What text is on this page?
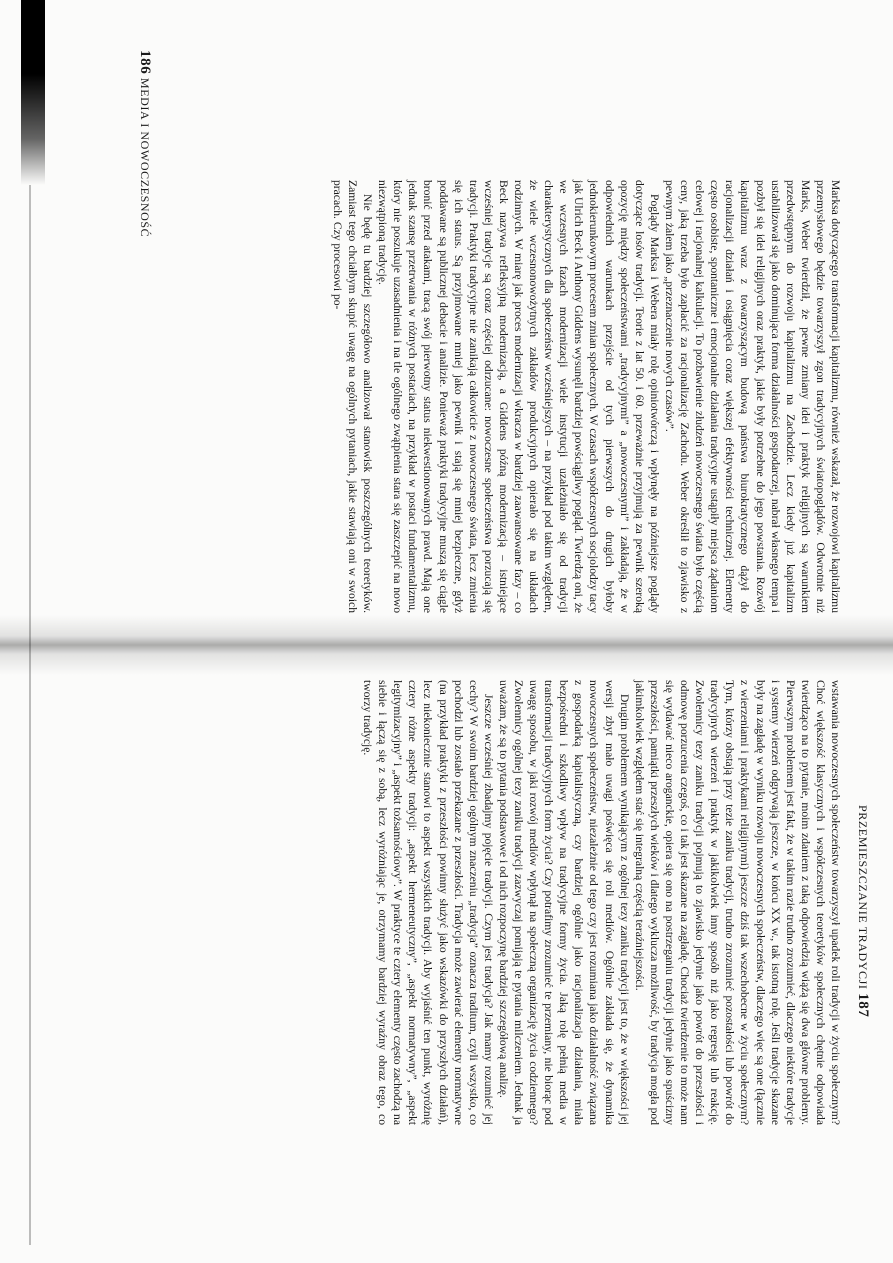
186 MEDIA I NOWOCZESNOŚĆ

Marksa dotyczącego transformacji kapitalizmu, również wskazał, że rozwojowi kapitalizmu przemysłowego będzie towarzyszył zgon tradycyjnych światopoglądów. Odwrotnie niż Marks, Weber twierdził, że pewne zmiany idei i praktyk religijnych są warunkiem przedwstępnym do rozwoju kapitalizmu na Zachodzie. Lecz kiedy już kapitalizm ustabilizował się jako dominująca forma działalności gospodarczej, nabrał własnego tempa i pozbył się idei religijnych oraz praktyk, jakie były potrzebne do jego powstania. Rozwój kapitalizmu wraz z towarzyszącym budową państwa biurokratycznego dążył do racjonalizacji działań i osiągnięcia coraz większej efektywności technicznej. Elementy często osobiste, spontaniczne i emocjonalne działania tradycyjne ustąpiły miejsca żądaniom celowej i racjonalnej kalkulacji. To pozbawienie złudzeń nowoczesnego świata było częścią ceny, jaką trzeba było zapłacić za racjonalizację Zachodu. Weber określił to zjawisko z pewnym żalem jako „przeznaczenie nowych czasów”.

Poglądy Marksa i Webera miały rolę opiniotwórczą i wpłynęły na późniejsze poglądy dotyczące losów tradycji. Teorie z lat 50. i 60. przeważnie przyjmują za pewnik szeroką opozycję między społeczeństwami „tradycyjnymi” a „nowoczesnymi” i zakładają, że w odpowiednich warunkach przejście od tych pierwszych do drugich byłoby jednokierunkowym procesem zmian społecznych. W czasach współczesnych socjolodzy tacy jak Ulrich Beck i Anthony Giddens wysunęli bardziej powściągliwy pogląd. Twierdzą oni, że we wczesnych fazach modernizacji wiele instytucji uzależniało się od tradycji charakterystycznych dla społeczeństw wcześniejszych – na przykład pod takim względem, że wiele wczesnonowożytnych zakładów produkcyjnych opierało się na układach rodzinnych. W miarę jak proces modernizacji wkracza w bardziej zaawansowane fazy – co Beck nazywa refleksyjną modernizacją, a Giddens późną modernizacją – istniejące wcześniej tradycje są coraz częściej odrzucane: nowoczesne społeczeństwa porzucają się tradycji. Praktyki tradycyjne nie zanikają całkowicie z nowoczesnego świata, lecz zmienia się ich status. Są przyjmowane mniej jako pewnik i stają się mniej bezpieczne, gdyż poddawane są publicznej debacie i analizie. Ponieważ praktyki tradycyjne muszą się ciągle bronić przed atakami, tracą swój pierwotny status niekwestionowanych prawd. Mają one jednak szansę przetrwania w różnych postaciach, na przykład w postaci fundamentalizmu, który nie poszukuje uzasadnienia i na tle ogólnego zwątpienia stara się zaszczepić na nowo niezwątpioną tradycję.

Nie będę tu bardziej szczegółowo analizował stanowisk poszczególnych teoretyków. Zamiast tego chciałbym skupić uwagę na ogólnych pytaniach, jakie stawiają oni w swoich pracach. Czy procesowi po-

PRZEMIESZCZANIE TRADYCJI 187

wstawania nowoczesnych społeczeństw towarzyszył upadek roli tradycji w życiu społecznym? Choć większość klasycznych i współczesnych teoretyków społecznych chętnie odpowiada twierdząco na to pytanie, moim zdaniem z taką odpowiedzią wiążą się dwa główne problemy. Pierwszym problemem jest fakt, że w takim razie trudno zrozumieć, dlaczego niektóre tradycje i systemy wierzeń odgrywają jeszcze, w końcu XX w., tak istotną rolę. Jeśli tradycje skazane były na zagładę w wyniku rozwoju nowoczesnych społeczeństw, dlaczego więc są one (łącznie z wierzeniami i praktykami religijnymi) jeszcze dziś tak wszechobecne w życiu społecznym? Tym, którzy obstają przy tezie zaniku tradycji, trudno zrozumieć pozostałości lub powrót do tradycyjnych wierzeń i praktyk w jakikolwiek inny sposób niż jako regresję lub reakcję. Zwolennicy tezy zaniku tradycji pojmują to zjawisko jedynie jako powrót do przeszłości i odmowę porzucenia czegoś, co i tak jest skazane na zagładę. Chociaż twierdzenie to może nam się wydawać nieco aroganckie, opiera się ono na postrzeganiu tradycji jedynie jako spuścizny przeszłości, pamiątki przeszłych wieków i dlatego wyklucza możliwość, by tradycja mogła pod jakimkolwiek względem stać się integralną częścią teraźniejszości.

Drugim problemem wynikającym z ogólnej tezy zaniku tradycji jest to, że w większości jej wersji zbyt mało uwagi poświęca się roli mediów. Ogólnie zakłada się, że dynamika nowoczesnych społeczeństw, niezależnie od tego czy jest rozumiana jako działalność związana z gospodarką kapitalistyczną, czy bardziej ogólnie jako racjonalizacja działania, miała bezpośredni i szkodliwy wpływ na tradycyjne formy życia. Jaką rolę pełnią media w transformacji tradycyjnych form życia? Czy potrafimy zrozumieć te przemiany, nie biorąc pod uwagę sposobu, w jaki rozwój mediów wpłynął na społeczną organizację życia codziennego? Zwolennicy ogólnej tezy zaniku tradycji zazwyczaj pomijają te pytania milczeniem. Jednak ja uważam, że są to pytania podstawowe i od nich rozpoczynę bardziej szczegółową analizę.

Jeszcze wcześniej zbadajmy pojęcie tradycji. Czym jest tradycja? Jak mamy rozumieć jej cechy? W swoim bardziej ogólnym znaczeniu „tradycja” oznacza traditum, czyli wszystko, co pochodzi lub zostało przekazane z przeszłości. Tradycja może zawierać elementy normatywne (na przykład praktyki z przeszłości powinny służyć jako wskazówki do przyszłych działań), lecz niekoniecznie stanowi to aspekt wszystkich tradycji. Aby wyjaśnić ten punkt, wyróżnię cztery różne aspekty tradycji: „aspekt hermeneutyczny”, „aspekt normatywny”, „aspekt legitymizacyjny” i „aspekt tożsamościowy”. W praktyce te cztery elementy często zachodzą na siebie i łączą się z sobą, lecz wyróżniając je, otrzymamy bardziej wyraźny obraz tego, co tworzy tradycję.
